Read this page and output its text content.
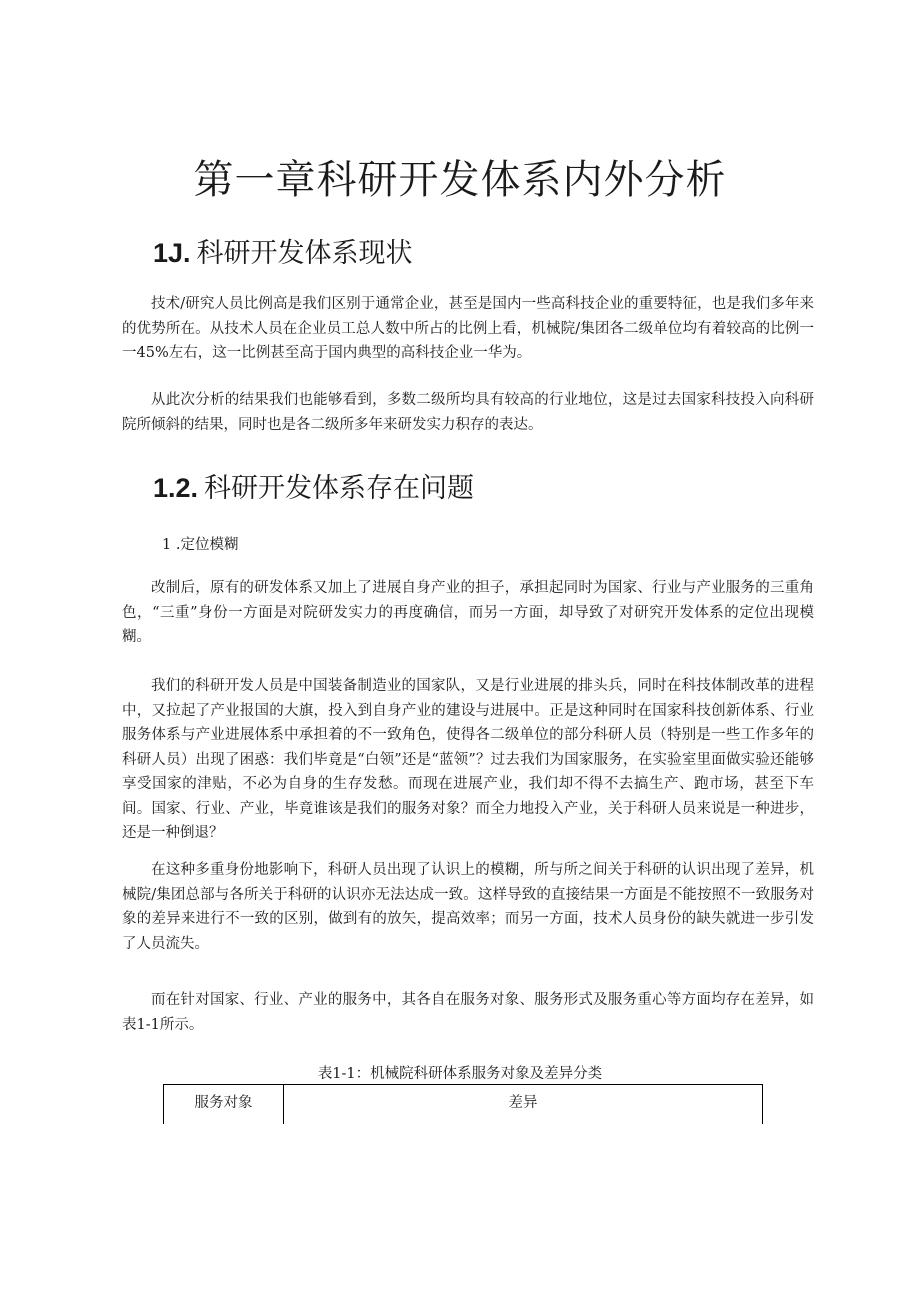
第一章科研开发体系内外分析
1J. 科研开发体系现状

技术/研究人员比例高是我们区别于通常企业，甚至是国内一些高科技企业的重要特征，也是我们多年来的优势所在。从技术人员在企业员工总人数中所占的比例上看，机械院/集团各二级单位均有着较高的比例一一45%左右，这一比例甚至高于国内典型的高科技企业一华为。

从此次分析的结果我们也能够看到，多数二级所均具有较高的行业地位，这是过去国家科技投入向科研院所倾斜的结果，同时也是各二级所多年来研发实力积存的表达。

1.2. 科研开发体系存在问题

1 .定位模糊

改制后，原有的研发体系又加上了进展自身产业的担子，承担起同时为国家、行业与产业服务的三重角色，“三重”身份一方面是对院研发实力的再度确信，而另一方面，却导致了对研究开发体系的定位出现模糊。

我们的科研开发人员是中国装备制造业的国家队，又是行业进展的排头兵，同时在科技体制改革的进程中，又拉起了产业报国的大旗，投入到自身产业的建设与进展中。正是这种同时在国家科技创新体系、行业服务体系与产业进展体系中承担着的不一致角色，使得各二级单位的部分科研人员（特别是一些工作多年的科研人员）出现了困惑：我们毕竟是“白领”还是“蓝领”？过去我们为国家服务，在实验室里面做实验还能够享受国家的津贴，不必为自身的生存发愁。而现在进展产业，我们却不得不去搞生产、跑市场，甚至下车间。国家、行业、产业，毕竟谁该是我们的服务对象？而全力地投入产业，关于科研人员来说是一种进步，还是一种倒退？

在这种多重身份地影响下，科研人员出现了认识上的模糊，所与所之间关于科研的认识出现了差异，机械院/集团总部与各所关于科研的认识亦无法达成一致。这样导致的直接结果一方面是不能按照不一致服务对象的差异来进行不一致的区别，做到有的放矢，提高效率；而另一方面，技术人员身份的缺失就进一步引发了人员流失。

而在针对国家、行业、产业的服务中，其各自在服务对象、服务形式及服务重心等方面均存在差异，如表1-1所示。

表1-1：机械院科研体系服务对象及差异分类

服务对象	差异
